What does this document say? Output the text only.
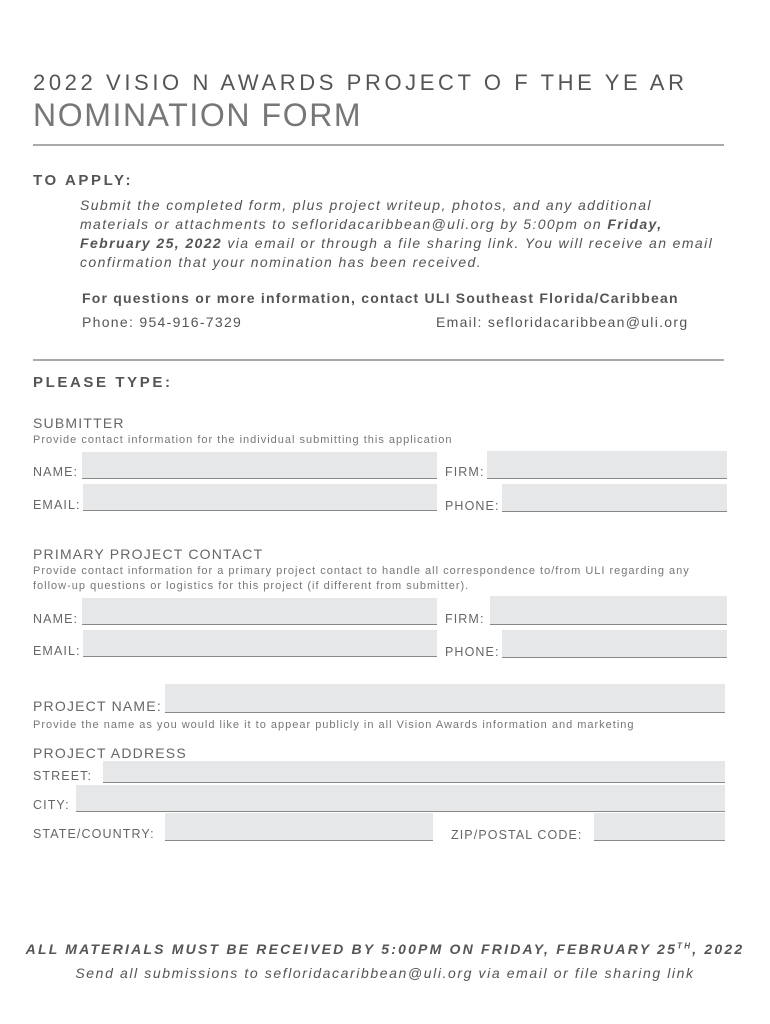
2022 VISIO N AWARDS PROJECT O F THE YE AR
NOMINATION FORM
TO APPLY:
Submit the completed form, plus project writeup, photos, and any additional materials or attachments to sefloridacaribbean@uli.org by 5:00pm on Friday, February 25, 2022 via email or through a file sharing link. You will receive an email confirmation that your nomination has been received.
For questions or more information, contact ULI Southeast Florida/Caribbean
Phone: 954-916-7329	Email: sefloridacaribbean@uli.org
PLEASE TYPE:
SUBMITTER
Provide contact information for the individual submitting this application
NAME:	FIRM:
EMAIL:	PHONE:
PRIMARY PROJECT CONTACT
Provide contact information for a primary project contact to handle all correspondence to/from ULI regarding any
follow-up questions or logistics for this project (if different from submitter).
NAME:	FIRM:
EMAIL:	PHONE:
PROJECT NAME:
Provide the name as you would like it to appear publicly in all Vision Awards information and marketing
PROJECT ADDRESS
STREET:
CITY:
STATE/COUNTRY:	ZIP/POSTAL CODE:
ALL MATERIALS MUST BE RECEIVED BY 5:00PM ON FRIDAY, FEBRUARY 25TH, 2022
Send all submissions to sefloridacaribbean@uli.org via email or file sharing link
